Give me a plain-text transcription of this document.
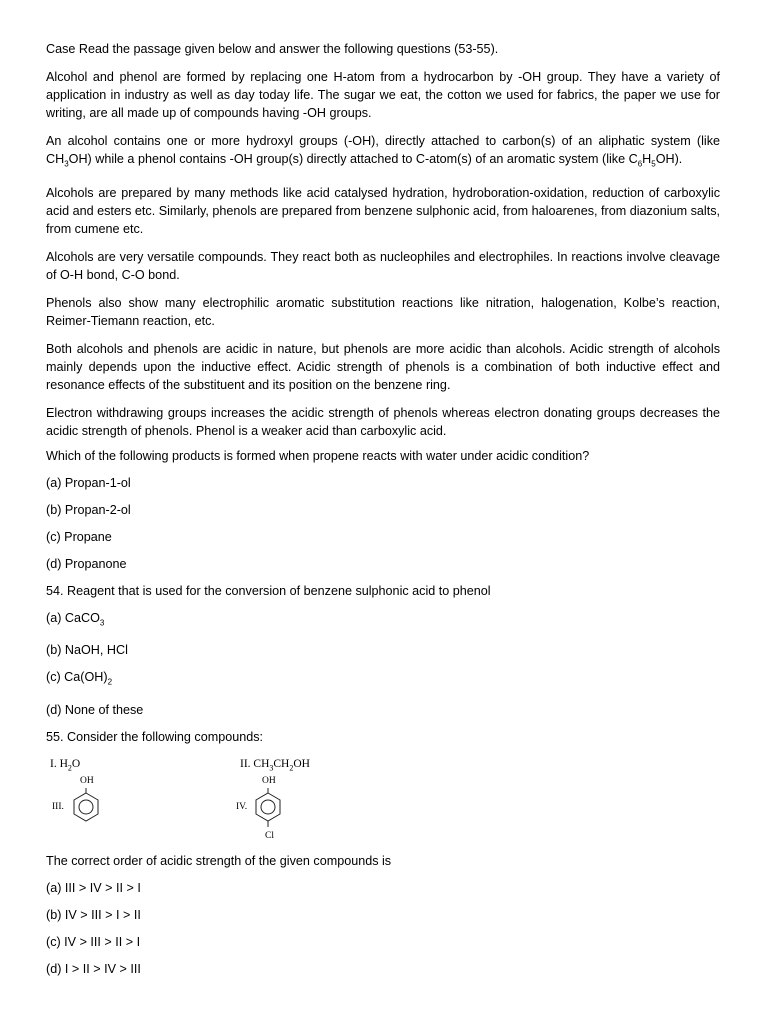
Case Read the passage given below and answer the following questions (53-55).

Alcohol and phenol are formed by replacing one H-atom from a hydrocarbon by -OH group. They have a variety of application in industry as well as day today life. The sugar we eat, the cotton we used for fabrics, the paper we use for writing, are all made up of compounds having -OH groups.

An alcohol contains one or more hydroxyl groups (-OH), directly attached to carbon(s) of an aliphatic system (like $CH_3OH$) while a phenol contains -OH group(s) directly attached to C-atom(s) of an aromatic system (like $C_6H_5OH$).

Alcohols are prepared by many methods like acid catalysed hydration, hydroboration-oxidation, reduction of carboxylic acid and esters etc. Similarly, phenols are prepared from benzene sulphonic acid, from haloarenes, from diazonium salts, from cumene etc.

Alcohols are very versatile compounds. They react both as nucleophiles and electrophiles. In reactions involve cleavage of O-H bond, C-O bond.

Phenols also show many electrophilic aromatic substitution reactions like nitration, halogenation, Kolbe’s reaction, Reimer-Tiemann reaction, etc.

Both alcohols and phenols are acidic in nature, but phenols are more acidic than alcohols. Acidic strength of alcohols mainly depends upon the inductive effect. Acidic strength of phenols is a combination of both inductive effect and resonance effects of the substituent and its position on the benzene ring.

Electron withdrawing groups increases the acidic strength of phenols whereas electron donating groups decreases the acidic strength of phenols. Phenol is a weaker acid than carboxylic acid.

Which of the following products is formed when propene reacts with water under acidic condition?

(a) Propan-1-ol

(b) Propan-2-ol

(c) Propane

(d) Propanone

54. Reagent that is used for the conversion of benzene sulphonic acid to phenol

(a) CaCO$_3$

(b) NaOH, HCl

(c) $Ca(OH)_2$

(d) None of these

55. Consider the following compounds:

I. $H_2O$	II. $CH_3CH_2OH$
OH
III.
OH
IV.
Cl

The correct order of acidic strength of the given compounds is

(a) III > IV > II > I

(b) IV > III > I > II

(c) IV > III > II > I

(d) I > II > IV > III
